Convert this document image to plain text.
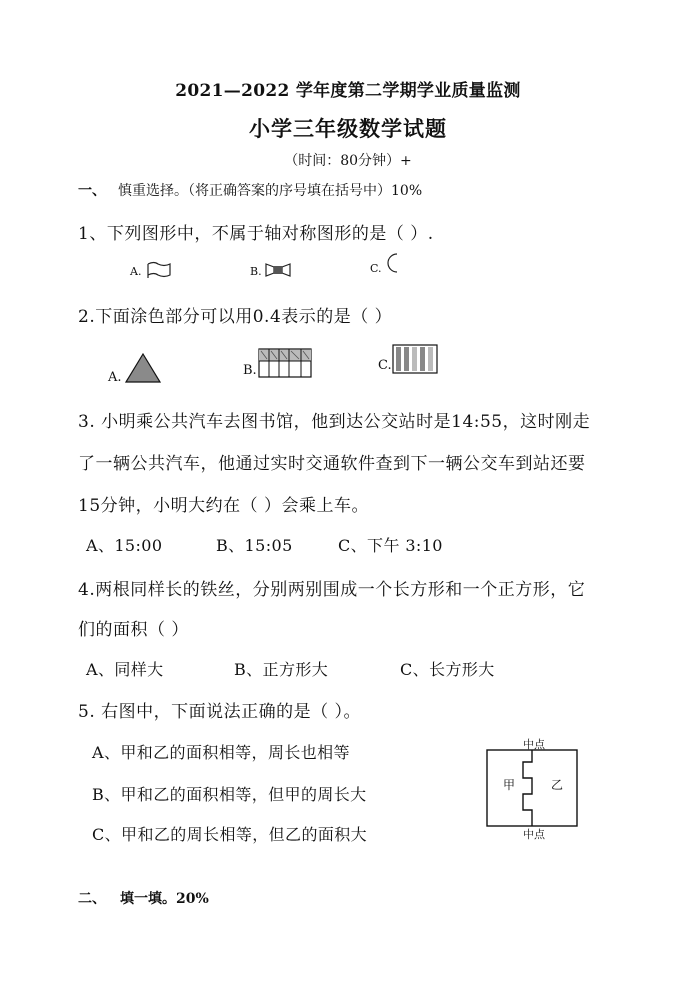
2021—2022 学年度第二学期学业质量监测
小学三年级数学试题
（时间：80分钟）+
一、 慎重选择。（将正确答案的序号填在括号中）10%
1、下列图形中，不属于轴对称图形的是（ ）.
A.	B.	C.
2.下面涂色部分可以用0.4表示的是（ ）
A.	B.	C.
3. 小明乘公共汽车去图书馆，他到达公交站时是14:55，这时刚走
了一辆公共汽车，他通过实时交通软件查到下一辆公交车到站还要
15分钟，小明大约在（ ）会乘上车。
A、15:00	B、15:05	C、下午 3:10
4.两根同样长的铁丝，分别两别围成一个长方形和一个正方形，它
们的面积（ ）
A、同样大	B、正方形大	C、长方形大
5. 右图中，下面说法正确的是（ ）。
A、甲和乙的面积相等，周长也相等
B、甲和乙的面积相等，但甲的周长大
C、甲和乙的周长相等，但乙的面积大
中点
中点
甲	乙
二、 填一填。20%
